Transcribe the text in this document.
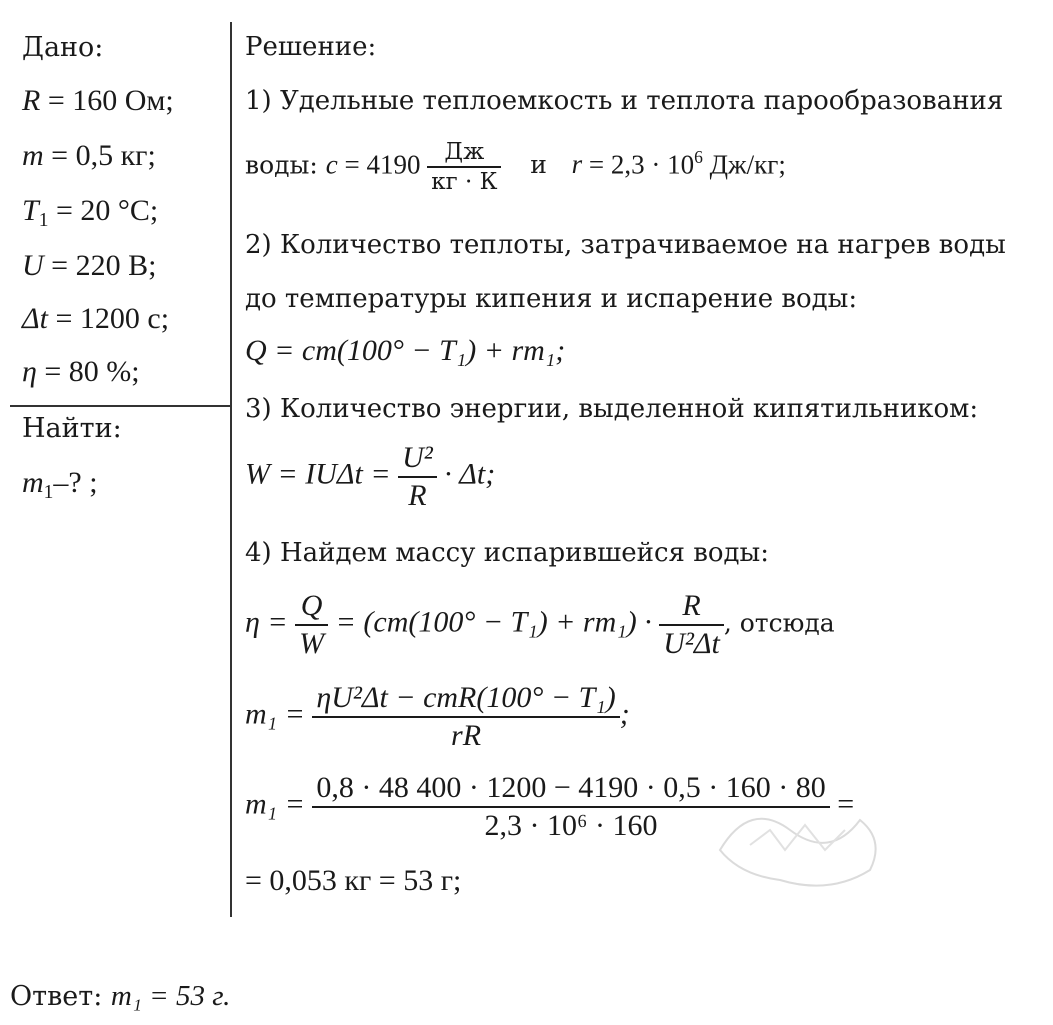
Дано:
R = 160 Ом;
m = 0,5 кг;
$T_1 = 20$ °C;
U = 220 В;
Δt = 1200 с;
η = 80 %;
Найти:
$m_1-$? ;
Решение:
1) Удельные теплоемкость и теплота парообразования
воды: $c = 4190 \frac{Дж}{кг \cdot К}$ и $r = 2,3 \cdot 10^6$ Дж/кг;
2) Количество теплоты, затрачиваемое на нагрев воды
до температуры кипения и испарение воды:
Q = cm(100° − T₁) + rm₁;
3) Количество энергии, выделенной кипятильником:
$W = IU\Delta t = \frac{\text{U²}}{R} \cdot \Delta t$;
4) Найдем массу испарившейся воды:
$\eta = \frac{Q}{W} = (cm(100^\circ - T_1) + rm_1) \cdot \frac{R}{\text{U²Δt}}$ , отсюда
$m_1 = \frac{\text{ηU²Δt − cmR(100° − T₁)}}{rR}$ ;
$m_1 = \frac{0,8 \cdot 48 400 \cdot 1200 - 4190 \cdot 0,5 \cdot 160 \cdot 80}{\text{2,3 · 10⁶ · 160}}$ =
= 0,053 кг = 53 г;
Ответ: m₁ = 53 г.
